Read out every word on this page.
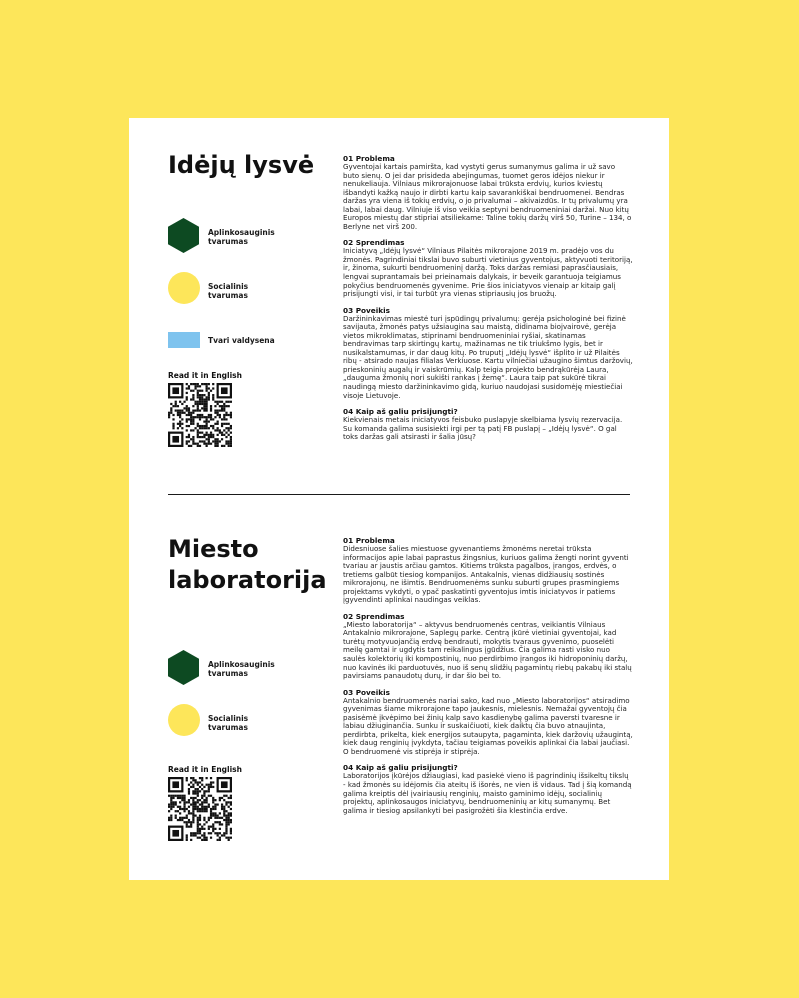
Idėjų lysvė
Aplinkosauginis tvarumas
Socialinis tvarumas
Tvari valdysena
Read it in English
01 Problema

Gyventojai kartais pamiršta, kad vystyti gerus sumanymus galima ir už savo buto sienų. O jei dar prisideda abejingumas, tuomet geros idėjos niekur ir nenukeliauja. Vilniaus mikrorajonuose labai trūksta erdvių, kurios kviestų išbandyti kažką naujo ir dirbti kartu kaip savarankiškai bendruomenei. Bendras daržas yra viena iš tokių erdvių, o jo privalumai – akivaizdūs. Ir tų privalumų yra labai, labai daug. Vilniuje iš viso veikia septyni bendruomeniniai daržai. Nuo kitų Europos miestų dar stipriai atsiliekame: Taline tokių daržų virš 50, Turine – 134, o Berlyne net virš 200.

02 Sprendimas

Iniciatyvą „Idėjų lysvė“ Vilniaus Pilaitės mikrorajone 2019 m. pradėjo vos du žmonės. Pagrindiniai tikslai buvo suburti vietinius gyventojus, aktyvuoti teritoriją, ir, žinoma, sukurti bendruomeninį daržą. Toks daržas remiasi paprasčiausiais, lengvai suprantamais bei prieinamais dalykais, ir beveik garantuoja teigiamus pokyčius bendruomenės gyvenime. Prie šios iniciatyvos vienaip ar kitaip galį prisijungti visi, ir tai turbūt yra vienas stipriausių jos bruožų.

03 Poveikis

Daržininkavimas miestė turi įspūdingų privalumų: gerėja psichologinė bei fizinė savijauta, žmonės patys užsiaugina sau maistą, didinama biojvairovė, gerėja vietos mikroklimatas, stiprinami bendruomeniniai ryšiai, skatinamas bendravimas tarp skirtingų kartų, mažinamas ne tik triukšmo lygis, bet ir nusikalstamumas, ir dar daug kitų. Po truputį „Idėjų lysvė“ išplito ir už Pilaitės ribų - atsirado naujas filialas Verkiuose. Kartu vilniečiai užaugino šimtus daržovių, prieskoninių augalų ir vaiskrūmių. Kalp teigia projekto bendrąkūrėja Laura, „dauguma žmonių nori sukišti rankas į žemę“. Laura taip pat sukūrė tikrai naudingą miesto daržininkavimo gidą, kuriuo naudojasi susidomėję miestiečiai visoje Lietuvoje.

04 Kaip aš galiu prisijungti?

Kiekvienais metais iniciatyvos feisbuko puslapyje skelbiama lysvių rezervacija. Su komanda galima susisiekti irgi per tą patį FB puslapį – „Idėjų lysvė“. O gal toks daržas gali atsirasti ir šalia jūsų?

Miesto laboratorija
Aplinkosauginis tvarumas
Socialinis tvarumas
Read it in English
01 Problema

Didesniuose šalies miestuose gyvenantiems žmonėms neretai trūksta informacijos apie labai paprastus žingsnius, kuriuos galima žengti norint gyventi tvariau ar jaustis arčiau gamtos. Kitiems trūksta pagalbos, įrangos, erdvės, o tretiems galbūt tiesiog kompanijos. Antakalnis, vienas didžiausių sostinės mikrorajonų, ne išimtis. Bendruomenėms sunku suburti grupes prasmingiems projektams vykdyti, o ypač paskatinti gyventojus imtis iniciatyvos ir patiems įgyvendinti aplinkai naudingas veiklas.

02 Sprendimas

„Miesto laboratorija“ – aktyvus bendruomenės centras, veikiantis Vilniaus Antakalnio mikrorajone, Saplegų parke. Centrą įkūrė vietiniai gyventojai, kad turėtų motyvuojančią erdvę bendrauti, mokytis tvaraus gyvenimo, puoselėti meilę gamtai ir ugdytis tam reikalingus įgūdžius. Čia galima rasti visko nuo saulės kolektorių iki kompostinių, nuo perdirbimo įrangos iki hidroponinių daržų, nuo kavinės iki parduotuvės, nuo iš senų slidžių pagamintų riebų pakabų iki stalų pavirsiams panaudotų durų, ir dar šio bei to.

03 Poveikis

Antakalnio bendruomenės nariai sako, kad nuo „Miesto laboratorijos“ atsiradimo gyvenimas šiame mikrorajone tapo jaukesnis, mielesnis. Nemažai gyventojų čia pasisėmė įkvėpimo bei žinių kalp savo kasdienybę galima paversti tvaresne ir labiau džiuginančia. Sunku ir suskaičiuoti, kiek daiktų čia buvo atnaujinta, perdirbta, prikelta, kiek energijos sutaupyta, pagaminta, kiek daržovių užaugintą, kiek daug renginių įvykdyta, tačiau teigiamas poveikis aplinkai čia labai jaučiasi. O bendruomenė vis stiprėja ir stiprėja.

04 Kaip aš galiu prisijungti?

Laboratorijos įkūrėjos džiaugiasi, kad pasiekė vieno iš pagrindinių išsikeltų tikslų - kad žmonės su idėjomis čia ateitų iš išorės, ne vien iš vidaus. Tad į šią komandą galima kreiptis dėl įvairiausių renginių, maisto gaminimo idėjų, socialinių projektų, aplinkosaugos iniciatyvų, bendruomeninių ar kitų sumanymų. Bet galima ir tiesiog apsilankyti bei pasigrožėti šia klestinčia erdve.
